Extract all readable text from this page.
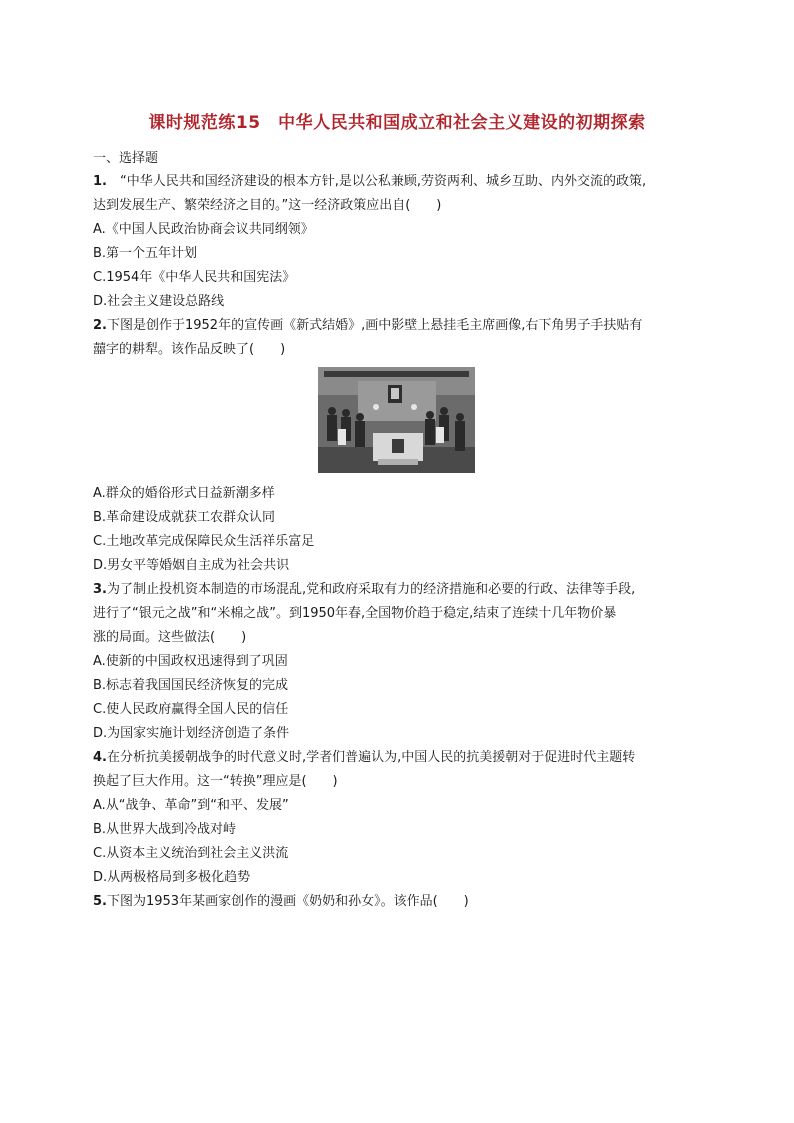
课时规范练15　中华人民共和国成立和社会主义建设的初期探索
一、选择题
1.　“中华人民共和国经济建设的根本方针,是以公私兼顾,劳资两利、城乡互助、内外交流的政策,
达到发展生产、繁荣经济之目的。”这一经济政策应出自(　　)
A.《中国人民政治协商会议共同纲领》
B.第一个五年计划
C.1954年《中华人民共和国宪法》
D.社会主义建设总路线
2.下图是创作于1952年的宣传画《新式结婚》,画中影壁上悬挂毛主席画像,右下角男子手扶贴有
囍字的耕犁。该作品反映了(　　)
A.群众的婚俗形式日益新潮多样
B.革命建设成就获工农群众认同
C.土地改革完成保障民众生活祥乐富足
D.男女平等婚姻自主成为社会共识
3.为了制止投机资本制造的市场混乱,党和政府采取有力的经济措施和必要的行政、法律等手段,
进行了“银元之战”和“米棉之战”。到1950年春,全国物价趋于稳定,结束了连续十几年物价暴
涨的局面。这些做法(　　)
A.使新的中国政权迅速得到了巩固
B.标志着我国国民经济恢复的完成
C.使人民政府赢得全国人民的信任
D.为国家实施计划经济创造了条件
4.在分析抗美援朝战争的时代意义时,学者们普遍认为,中国人民的抗美援朝对于促进时代主题转
换起了巨大作用。这一“转换”理应是(　　)
A.从“战争、革命”到“和平、发展”
B.从世界大战到冷战对峙
C.从资本主义统治到社会主义洪流
D.从两极格局到多极化趋势
5.下图为1953年某画家创作的漫画《奶奶和孙女》。该作品(　　)
